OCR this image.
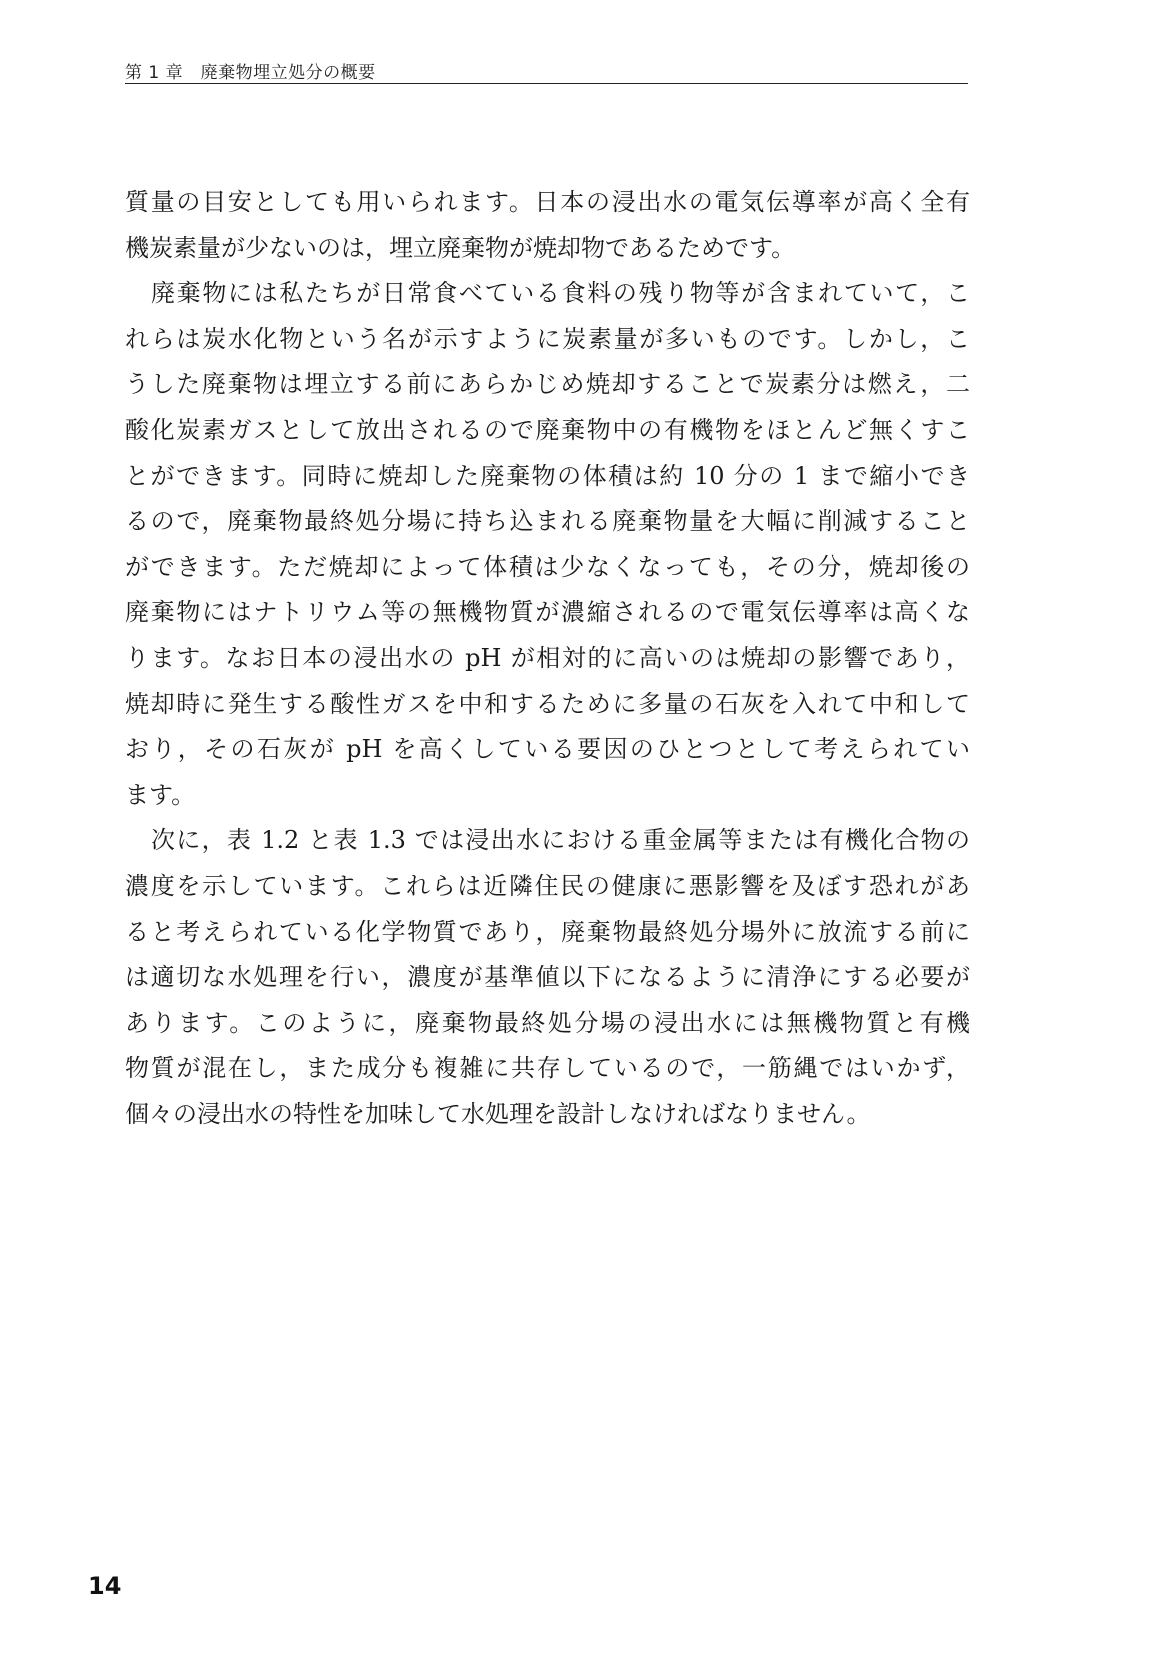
第 1 章　廃棄物埋立処分の概要
質量の目安としても用いられます。日本の浸出水の電気伝導率が高く全有
機炭素量が少ないのは，埋立廃棄物が焼却物であるためです。
廃棄物には私たちが日常食べている食料の残り物等が含まれていて，こ
れらは炭水化物という名が示すように炭素量が多いものです。しかし，こ
うした廃棄物は埋立する前にあらかじめ焼却することで炭素分は燃え，二
酸化炭素ガスとして放出されるので廃棄物中の有機物をほとんど無くすこ
とができます。同時に焼却した廃棄物の体積は約 10 分の 1 まで縮小でき
るので，廃棄物最終処分場に持ち込まれる廃棄物量を大幅に削減すること
ができます。ただ焼却によって体積は少なくなっても，その分，焼却後の
廃棄物にはナトリウム等の無機物質が濃縮されるので電気伝導率は高くな
ります。なお日本の浸出水の pH が相対的に高いのは焼却の影響であり，
焼却時に発生する酸性ガスを中和するために多量の石灰を入れて中和して
おり，その石灰が pH を高くしている要因のひとつとして考えられてい
ます。
次に，表 1.2 と表 1.3 では浸出水における重金属等または有機化合物の
濃度を示しています。これらは近隣住民の健康に悪影響を及ぼす恐れがあ
ると考えられている化学物質であり，廃棄物最終処分場外に放流する前に
は適切な水処理を行い，濃度が基準値以下になるように清浄にする必要が
あります。このように，廃棄物最終処分場の浸出水には無機物質と有機
物質が混在し，また成分も複雑に共存しているので，一筋縄ではいかず，
個々の浸出水の特性を加味して水処理を設計しなければなりません。
14
